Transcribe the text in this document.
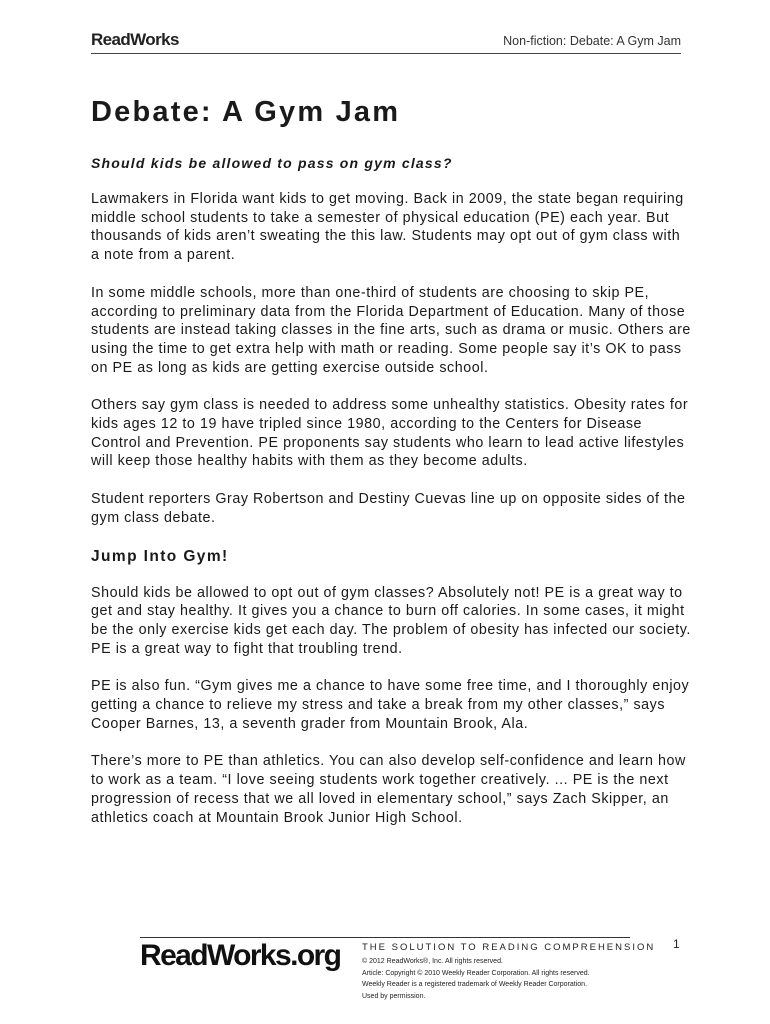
ReadWorks	Non-fiction: Debate: A Gym Jam
Debate: A Gym Jam
Should kids be allowed to pass on gym class?

Lawmakers in Florida want kids to get moving. Back in 2009, the state began requiring middle school students to take a semester of physical education (PE) each year. But thousands of kids aren’t sweating the this law. Students may opt out of gym class with a note from a parent.

In some middle schools, more than one-third of students are choosing to skip PE, according to preliminary data from the Florida Department of Education. Many of those students are instead taking classes in the fine arts, such as drama or music. Others are using the time to get extra help with math or reading. Some people say it’s OK to pass on PE as long as kids are getting exercise outside school.

Others say gym class is needed to address some unhealthy statistics. Obesity rates for kids ages 12 to 19 have tripled since 1980, according to the Centers for Disease Control and Prevention. PE proponents say students who learn to lead active lifestyles will keep those healthy habits with them as they become adults.

Student reporters Gray Robertson and Destiny Cuevas line up on opposite sides of the gym class debate.

Jump Into Gym!

Should kids be allowed to opt out of gym classes? Absolutely not! PE is a great way to get and stay healthy. It gives you a chance to burn off calories. In some cases, it might be the only exercise kids get each day. The problem of obesity has infected our society. PE is a great way to fight that troubling trend.

PE is also fun. “Gym gives me a chance to have some free time, and I thoroughly enjoy getting a chance to relieve my stress and take a break from my other classes,” says Cooper Barnes, 13, a seventh grader from Mountain Brook, Ala.

There’s more to PE than athletics. You can also develop self-confidence and learn how to work as a team. “I love seeing students work together creatively. ... PE is the next progression of recess that we all loved in elementary school,” says Zach Skipper, an athletics coach at Mountain Brook Junior High School.

1
ReadWorks.org THE SOLUTION TO READING COMPREHENSION
© 2012 ReadWorks®, Inc. All rights reserved.
Article: Copyright © 2010 Weekly Reader Corporation. All rights reserved.
Weekly Reader is a registered trademark of Weekly Reader Corporation.
Used by permission.
